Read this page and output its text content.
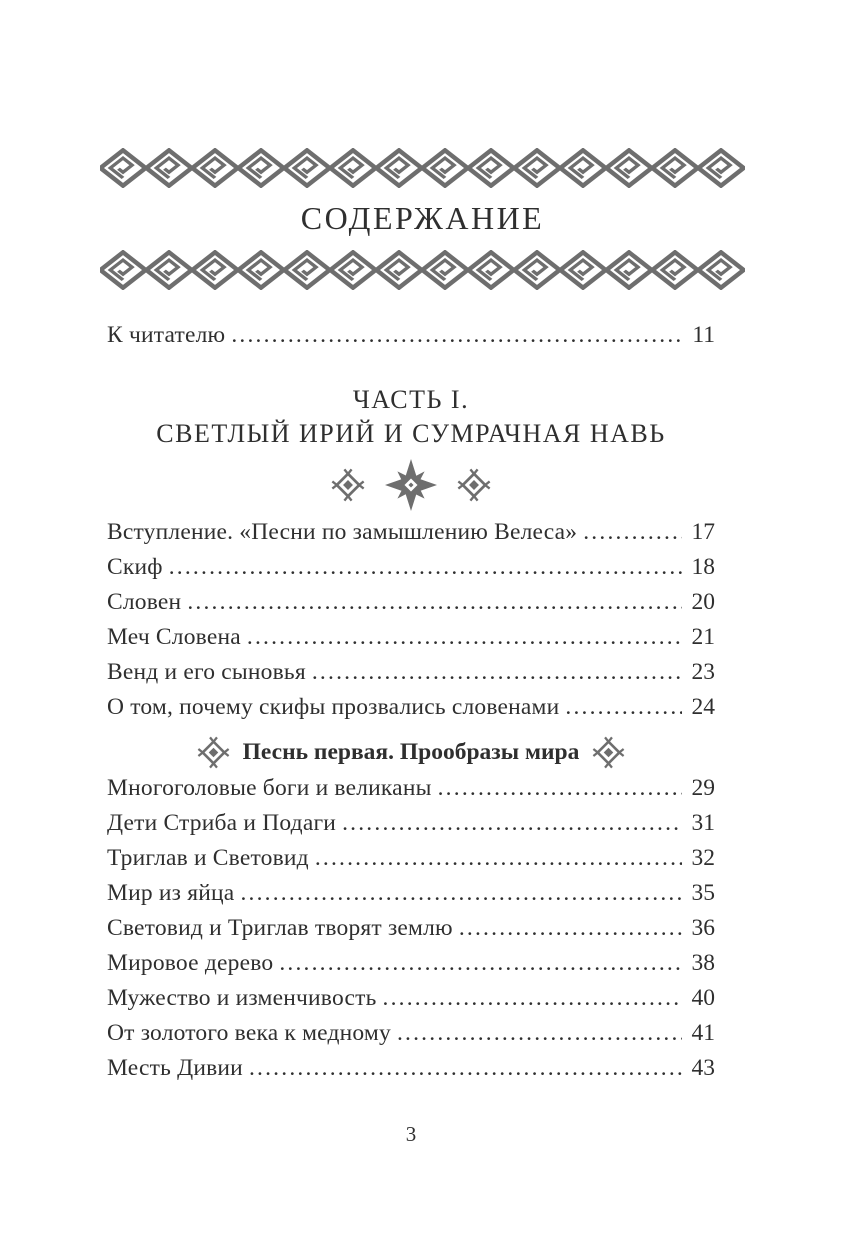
СОДЕРЖАНИЕ
К читателю .....	11
ЧАСТЬ I.
СВЕТЛЫЙ ИРИЙ И СУМРАЧНАЯ НАВЬ
Вступление. «Песни по замышлению Велеса» .....	17
Скиф .....	18
Словен .....	20
Меч Словена .....	21
Венд и его сыновья .....	23
О том, почему скифы прозвались словенами .....	24
Песнь первая. Прообразы мира
Многоголовые боги и великаны .....	29
Дети Стриба и Подаги .....	31
Триглав и Световид .....	32
Мир из яйца .....	35
Световид и Триглав творят землю .....	36
Мировое дерево .....	38
Мужество и изменчивость .....	40
От золотого века к медному .....	41
Месть Дивии .....	43
3
